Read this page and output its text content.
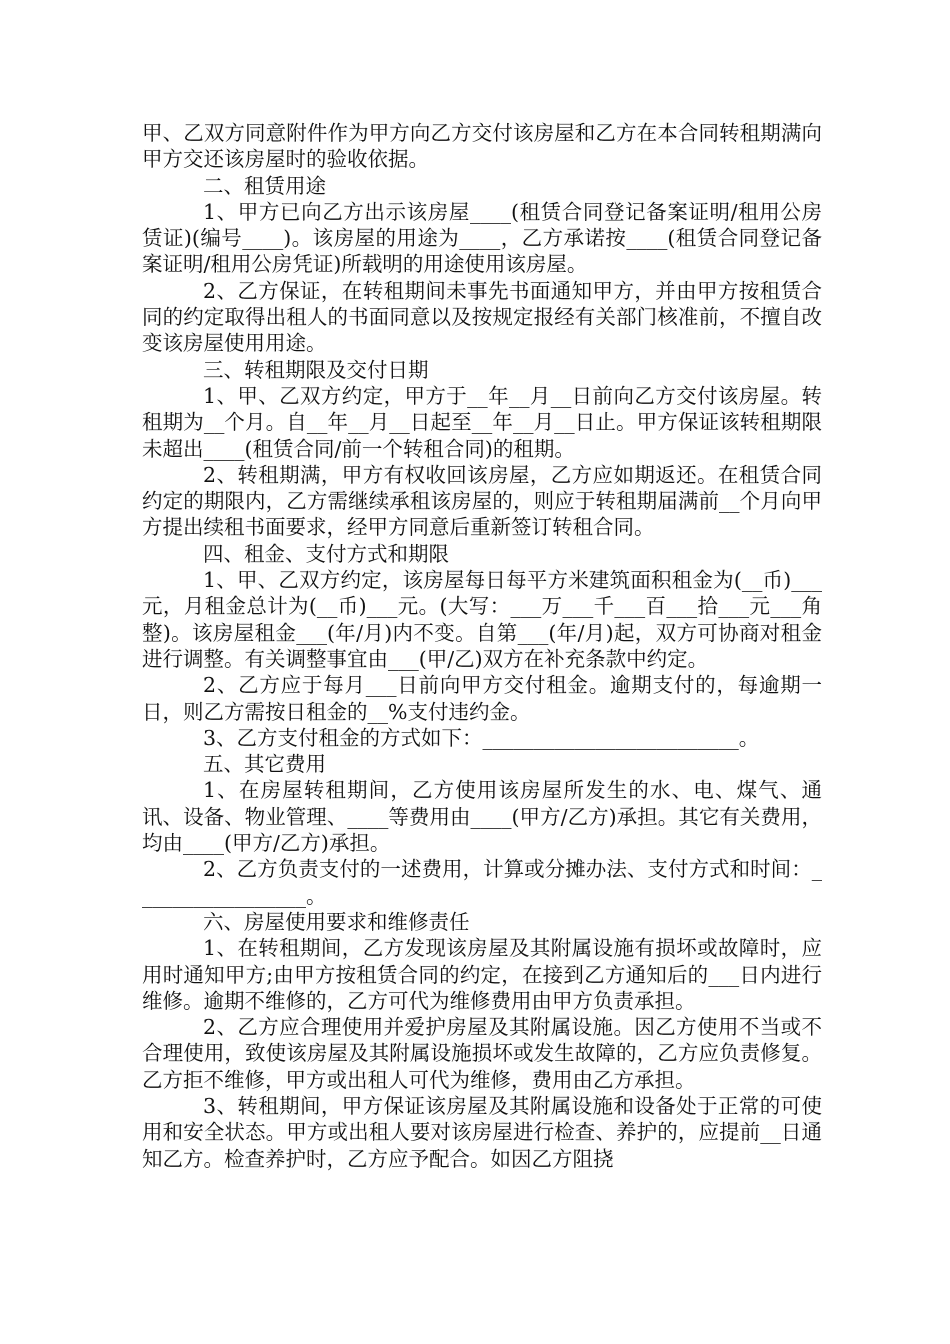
甲、乙双方同意附件作为甲方向乙方交付该房屋和乙方在本合同转租期满向甲方交还该房屋时的验收依据。

二、租赁用途

1、甲方已向乙方出示该房屋____(租赁合同登记备案证明/租用公房赁证)(编号____)。该房屋的用途为____，乙方承诺按____(租赁合同登记备案证明/租用公房凭证)所载明的用途使用该房屋。

2、乙方保证，在转租期间未事先书面通知甲方，并由甲方按租赁合同的约定取得出租人的书面同意以及按规定报经有关部门核准前，不擅自改变该房屋使用用途。

三、转租期限及交付日期

1、甲、乙双方约定，甲方于__年__月__日前向乙方交付该房屋。转租期为__个月。自__年__月__日起至__年__月__日止。甲方保证该转租期限未超出____(租赁合同/前一个转租合同)的租期。

2、转租期满，甲方有权收回该房屋，乙方应如期返还。在租赁合同约定的期限内，乙方需继续承租该房屋的，则应于转租期届满前__个月向甲方提出续租书面要求，经甲方同意后重新签订转租合同。

四、租金、支付方式和期限

1、甲、乙双方约定，该房屋每日每平方米建筑面积租金为(__币)___元，月租金总计为(__币)___元。(大写：___万___千___百___拾___元___角整)。该房屋租金___(年/月)内不变。自第___(年/月)起，双方可协商对租金进行调整。有关调整事宜由___(甲/乙)双方在补充条款中约定。

2、乙方应于每月___日前向甲方交付租金。逾期支付的，每逾期一日，则乙方需按日租金的__%支付违约金。

3、乙方支付租金的方式如下：_________________________。

五、其它费用

1、在房屋转租期间，乙方使用该房屋所发生的水、电、煤气、通讯、设备、物业管理、____等费用由____(甲方/乙方)承担。其它有关费用，均由____(甲方/乙方)承担。

2、乙方负责支付的一述费用，计算或分摊办法、支付方式和时间：_________________。

六、房屋使用要求和维修责任

1、在转租期间，乙方发现该房屋及其附属设施有损坏或故障时，应用时通知甲方;由甲方按租赁合同的约定，在接到乙方通知后的___日内进行维修。逾期不维修的，乙方可代为维修费用由甲方负责承担。

2、乙方应合理使用并爱护房屋及其附属设施。因乙方使用不当或不合理使用，致使该房屋及其附属设施损坏或发生故障的，乙方应负责修复。乙方拒不维修，甲方或出租人可代为维修，费用由乙方承担。

3、转租期间，甲方保证该房屋及其附属设施和设备处于正常的可使用和安全状态。甲方或出租人要对该房屋进行检查、养护的，应提前__日通知乙方。检查养护时，乙方应予配合。如因乙方阻挠
